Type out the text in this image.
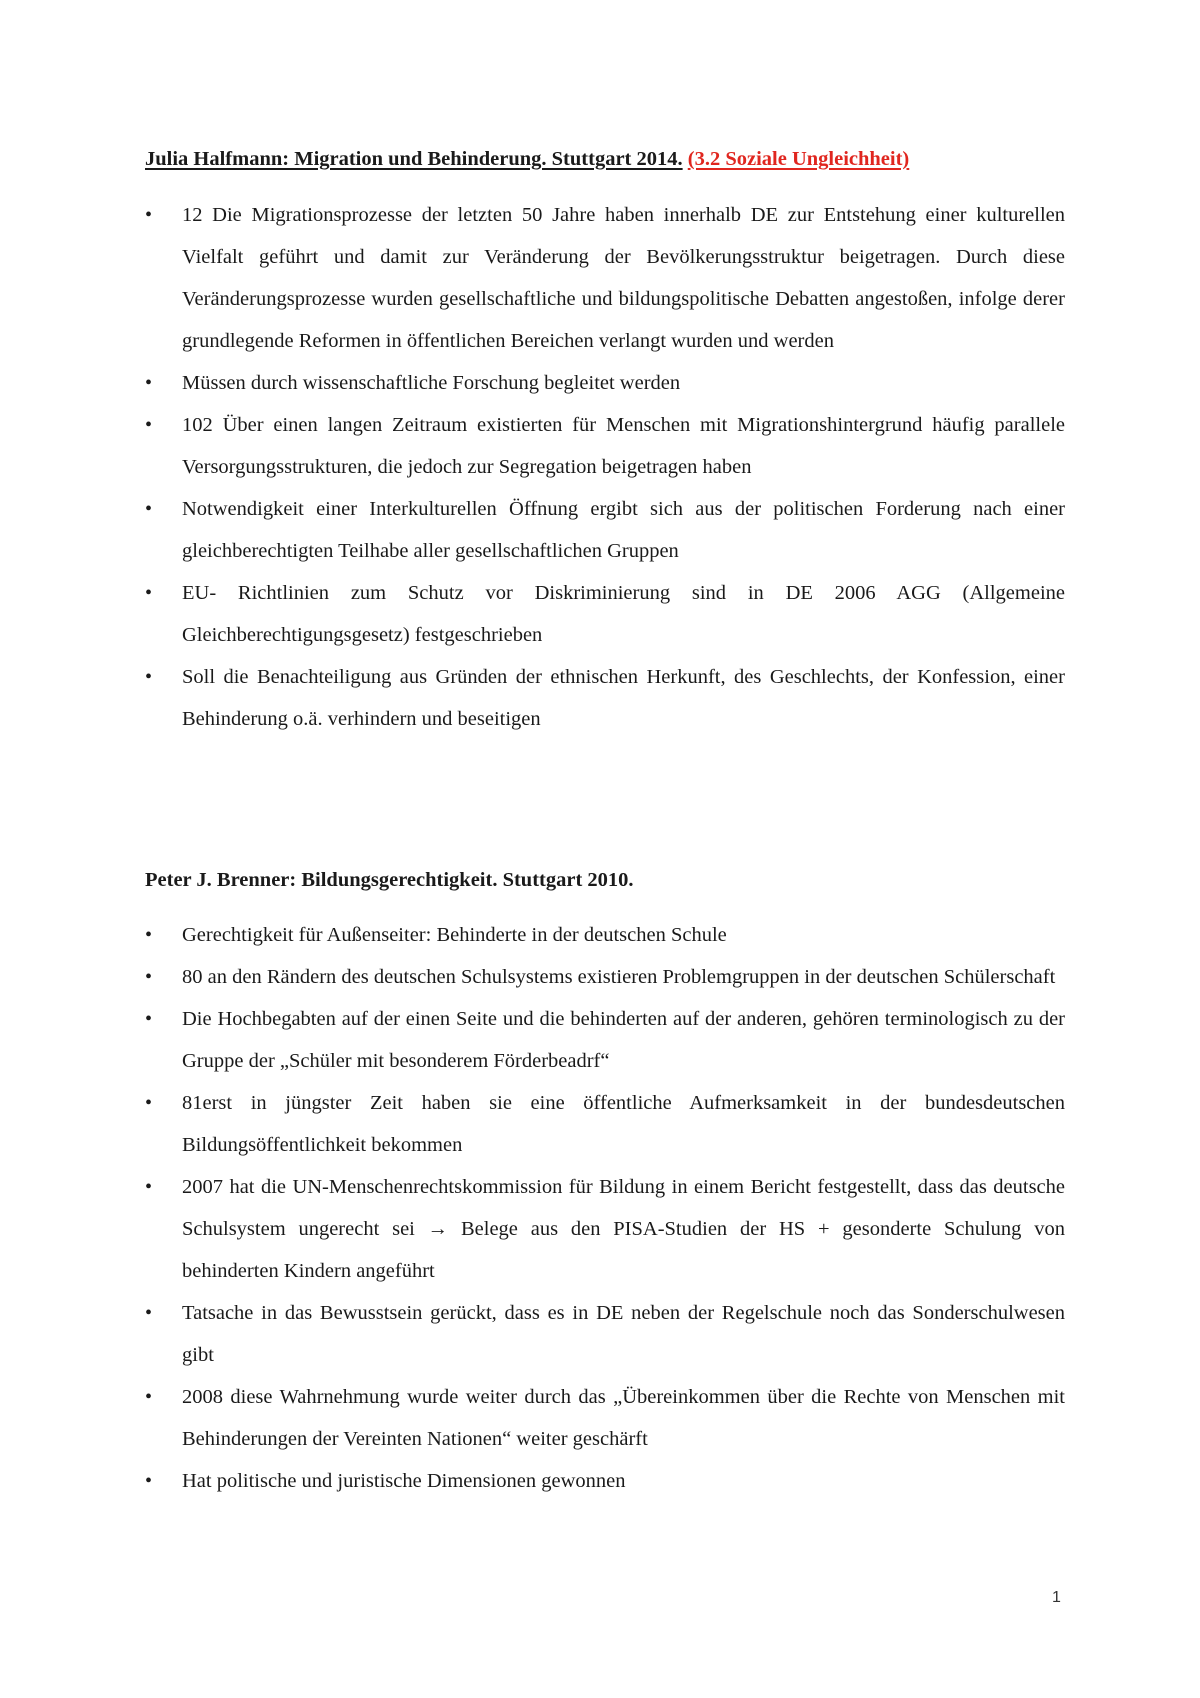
Julia Halfmann: Migration und Behinderung. Stuttgart 2014. (3.2 Soziale Ungleichheit)
•	12 Die Migrationsprozesse der letzten 50 Jahre haben innerhalb DE zur Entstehung einer kulturellen Vielfalt geführt und damit zur Veränderung der Bevölkerungsstruktur beigetragen. Durch diese Veränderungsprozesse wurden gesellschaftliche und bildungspolitische Debatten angestoßen, infolge derer grundlegende Reformen in öffentlichen Bereichen verlangt wurden und werden
•	Müssen durch wissenschaftliche Forschung begleitet werden
•	102 Über einen langen Zeitraum existierten für Menschen mit Migrationshintergrund häufig parallele Versorgungsstrukturen, die jedoch zur Segregation beigetragen haben
•	Notwendigkeit einer Interkulturellen Öffnung ergibt sich aus der politischen Forderung nach einer gleichberechtigten Teilhabe aller gesellschaftlichen Gruppen
•	EU- Richtlinien zum Schutz vor Diskriminierung sind in DE 2006 AGG (Allgemeine Gleichberechtigungsgesetz) festgeschrieben
•	Soll die Benachteiligung aus Gründen der ethnischen Herkunft, des Geschlechts, der Konfession, einer Behinderung o.ä. verhindern und beseitigen
Peter J. Brenner: Bildungsgerechtigkeit. Stuttgart 2010.
•	Gerechtigkeit für Außenseiter: Behinderte in der deutschen Schule
•	80 an den Rändern des deutschen Schulsystems existieren Problemgruppen in der deutschen Schülerschaft
•	Die Hochbegabten auf der einen Seite und die behinderten auf der anderen, gehören terminologisch zu der Gruppe der „Schüler mit besonderem Förderbeadrf“
•	81erst in jüngster Zeit haben sie eine öffentliche Aufmerksamkeit in der bundesdeutschen Bildungsöffentlichkeit bekommen
•	2007 hat die UN-Menschenrechtskommission für Bildung in einem Bericht festgestellt, dass das deutsche Schulsystem ungerecht sei → Belege aus den PISA-Studien der HS + gesonderte Schulung von behinderten Kindern angeführt
•	Tatsache in das Bewusstsein gerückt, dass es in DE neben der Regelschule noch das Sonderschulwesen gibt
•	2008 diese Wahrnehmung wurde weiter durch das „Übereinkommen über die Rechte von Menschen mit Behinderungen der Vereinten Nationen“ weiter geschärft
•	Hat politische und juristische Dimensionen gewonnen
1
